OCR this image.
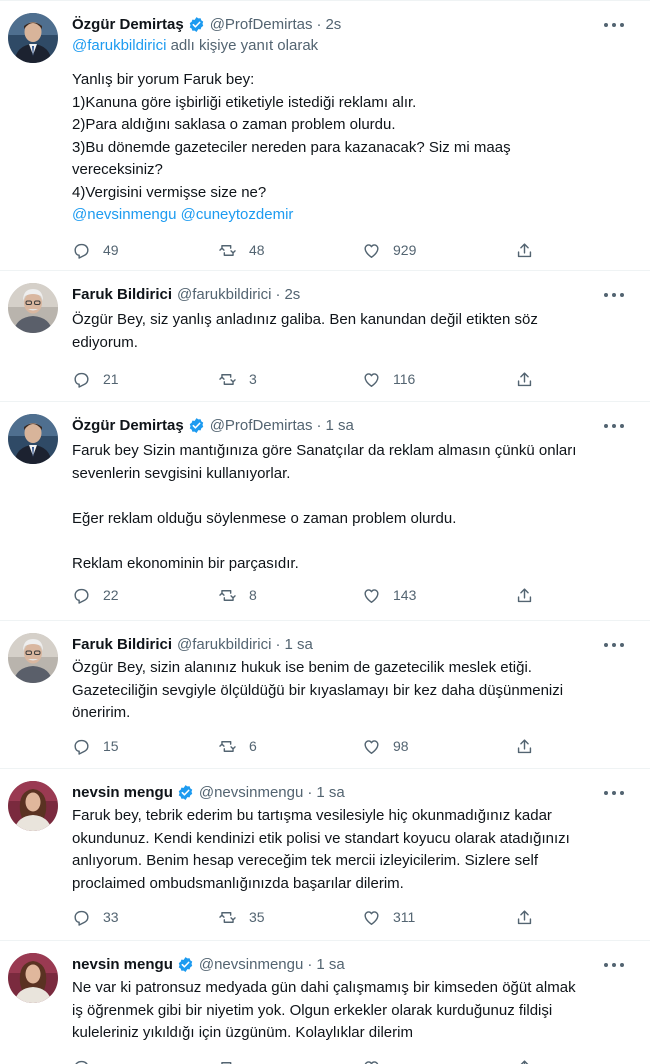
Özgür Demirtaş @ProfDemirtas · 2s
@farukbildirici adlı kişiye yanıt olarak
Yanlış bir yorum Faruk bey:
1)Kanuna göre işbirliği etiketiyle istediği reklamı alır.
2)Para aldığını saklasa o zaman problem olurdu.
3)Bu dönemde gazeteciler nereden para kazanacak? Siz mi maaş
vereceksiniz?
4)Vergisini vermişse size ne?
@nevsinmengu @cuneytozdemir
49	48	929
Faruk Bildirici @farukbildirici · 2s
Özgür Bey, siz yanlış anladınız galiba. Ben kanundan değil etikten söz
ediyorum.
21	3	116
Özgür Demirtaş @ProfDemirtas · 1 sa
Faruk bey Sizin mantığınıza göre Sanatçılar da reklam almasın çünkü onları
sevenlerin sevgisini kullanıyorlar.
Eğer reklam olduğu söylenmese o zaman problem olurdu.
Reklam ekonominin bir parçasıdır.
22	8	143
Faruk Bildirici @farukbildirici · 1 sa
Özgür Bey, sizin alanınız hukuk ise benim de gazetecilik meslek etiği.
Gazeteciliğin sevgiyle ölçüldüğü bir kıyaslamayı bir kez daha düşünmenizi
öneririm.
15	6	98
nevsin mengu @nevsinmengu · 1 sa
Faruk bey, tebrik ederim bu tartışma vesilesiyle hiç okunmadığınız kadar
okundunuz. Kendi kendinizi etik polisi ve standart koyucu olarak atadığınızı
anlıyorum. Benim hesap vereceğim tek mercii izleyicilerim. Sizlere self
proclaimed ombudsmanlığınızda başarılar dilerim.
33	35	311
nevsin mengu @nevsinmengu · 1 sa
Ne var ki patronsuz medyada gün dahi çalışmamış bir kimseden öğüt almak
iş öğrenmek gibi bir niyetim yok. Olgun erkekler olarak kurduğunuz fildişi
kuleleriniz yıkıldığı için üzgünüm. Kolaylıklar dilerim
